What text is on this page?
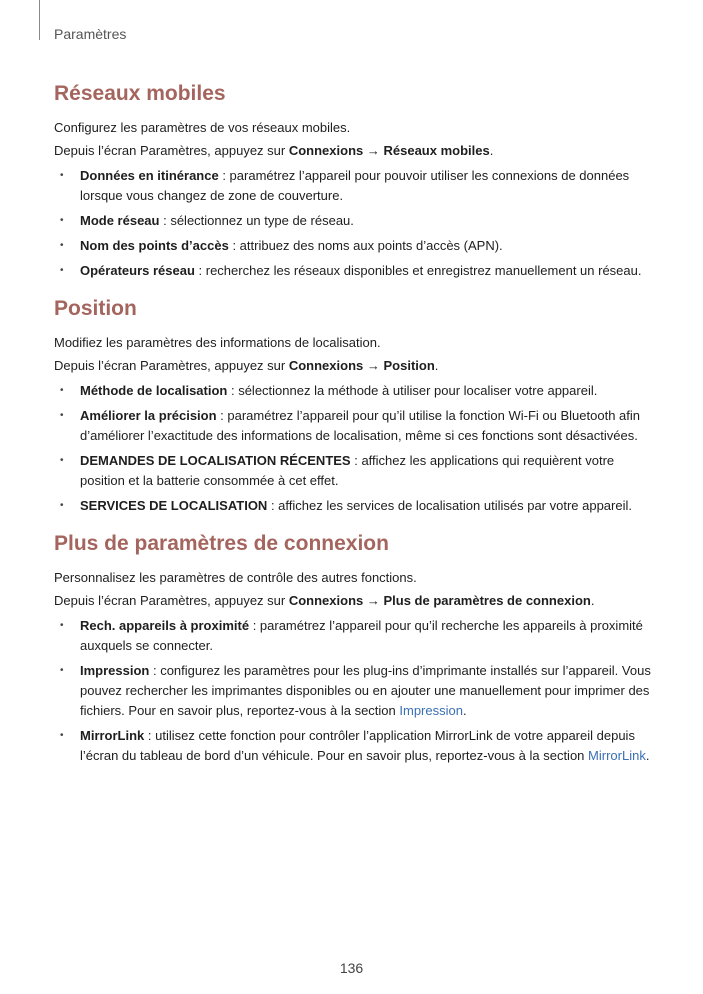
Paramètres
Réseaux mobiles

Configurez les paramètres de vos réseaux mobiles.

Depuis l’écran Paramètres, appuyez sur Connexions → Réseaux mobiles.

• Données en itinérance : paramétrez l’appareil pour pouvoir utiliser les connexions de données lorsque vous changez de zone de couverture.
• Mode réseau : sélectionnez un type de réseau.
• Nom des points d’accès : attribuez des noms aux points d’accès (APN).
• Opérateurs réseau : recherchez les réseaux disponibles et enregistrez manuellement un réseau.
Position

Modifiez les paramètres des informations de localisation.

Depuis l’écran Paramètres, appuyez sur Connexions → Position.

• Méthode de localisation : sélectionnez la méthode à utiliser pour localiser votre appareil.
• Améliorer la précision : paramétrez l’appareil pour qu’il utilise la fonction Wi-Fi ou Bluetooth afin d’améliorer l’exactitude des informations de localisation, même si ces fonctions sont désactivées.
• DEMANDES DE LOCALISATION RÉCENTES : affichez les applications qui requièrent votre position et la batterie consommée à cet effet.
• SERVICES DE LOCALISATION : affichez les services de localisation utilisés par votre appareil.
Plus de paramètres de connexion

Personnalisez les paramètres de contrôle des autres fonctions.

Depuis l’écran Paramètres, appuyez sur Connexions → Plus de paramètres de connexion.

• Rech. appareils à proximité : paramétrez l’appareil pour qu’il recherche les appareils à proximité auxquels se connecter.
• Impression : configurez les paramètres pour les plug-ins d’imprimante installés sur l’appareil. Vous pouvez rechercher les imprimantes disponibles ou en ajouter une manuellement pour imprimer des fichiers. Pour en savoir plus, reportez-vous à la section Impression.
• MirrorLink : utilisez cette fonction pour contrôler l’application MirrorLink de votre appareil depuis l’écran du tableau de bord d’un véhicule. Pour en savoir plus, reportez-vous à la section MirrorLink.
136
